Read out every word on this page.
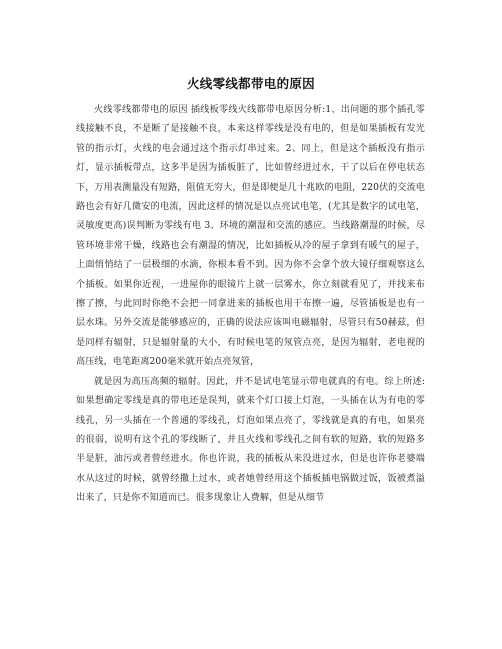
火线零线都带电的原因

火线零线都带电的原因 插线板零线火线都带电原因分析:1、出问题的那个插孔零线接触不良，不是断了是接触不良，本来这样零线是没有电的，但是如果插板有发光管的指示灯，火线的电会通过这个指示灯串过来。2、同上，但是这个插板没有指示灯，显示插板带点，这多半是因为插板脏了，比如曾经进过水，干了以后在停电状态下，万用表测量没有短路，阻值无穷大，但是即便是几十兆欧的电阻，220伏的交流电路也会有好几微安的电流，因此这样的情况是以点亮试电笔，(尤其是数字的试电笔，灵敏度更高)误判断为零线有电 3、环境的潮湿和交流的感应。当线路潮湿的时候，尽管环境非常干燥，线路也会有潮湿的情况，比如插板从冷的屋子拿到有暖气的屋子，上面悄悄结了一层极细的水滴，你根本看不到。因为你不会拿个放大镜仔细观察这么个插板。如果你近视，一进屋你的眼镜片上就一层雾水，你立刻就看见了，并找来布擦了擦，与此同时你绝不会把一同拿进来的插板也用干布擦一遍，尽管插板是也有一层水珠。另外交流是能够感应的，正确的说法应该叫电磁辐射，尽管只有50赫兹，但是同样有辐射，只是辐射量的大小，有时候电笔的氖管点亮，是因为辐射，老电视的高压线，电笔距离200毫米就开始点亮氖管，

就是因为高压高频的辐射。因此，并不是试电笔显示带电就真的有电。综上所述:如果想确定零线是真的带电还是误判，就来个灯口接上灯泡，一头插在认为有电的零线孔，另一头插在一个普通的零线孔，灯泡如果点亮了，零线就是真的有电，如果亮的很弱，说明有这个孔的零线断了，并且火线和零线孔之间有软的短路，软的短路多半是脏，油污或者曾经进水。你也许说，我的插板从来没进过水，但是也许你老婆端水从这过的时候，就曾经撒上过水，或者她曾经用这个插板插电锅做过饭，饭被煮溢出来了，只是你不知道而已。很多现象让人费解，但是从细节
